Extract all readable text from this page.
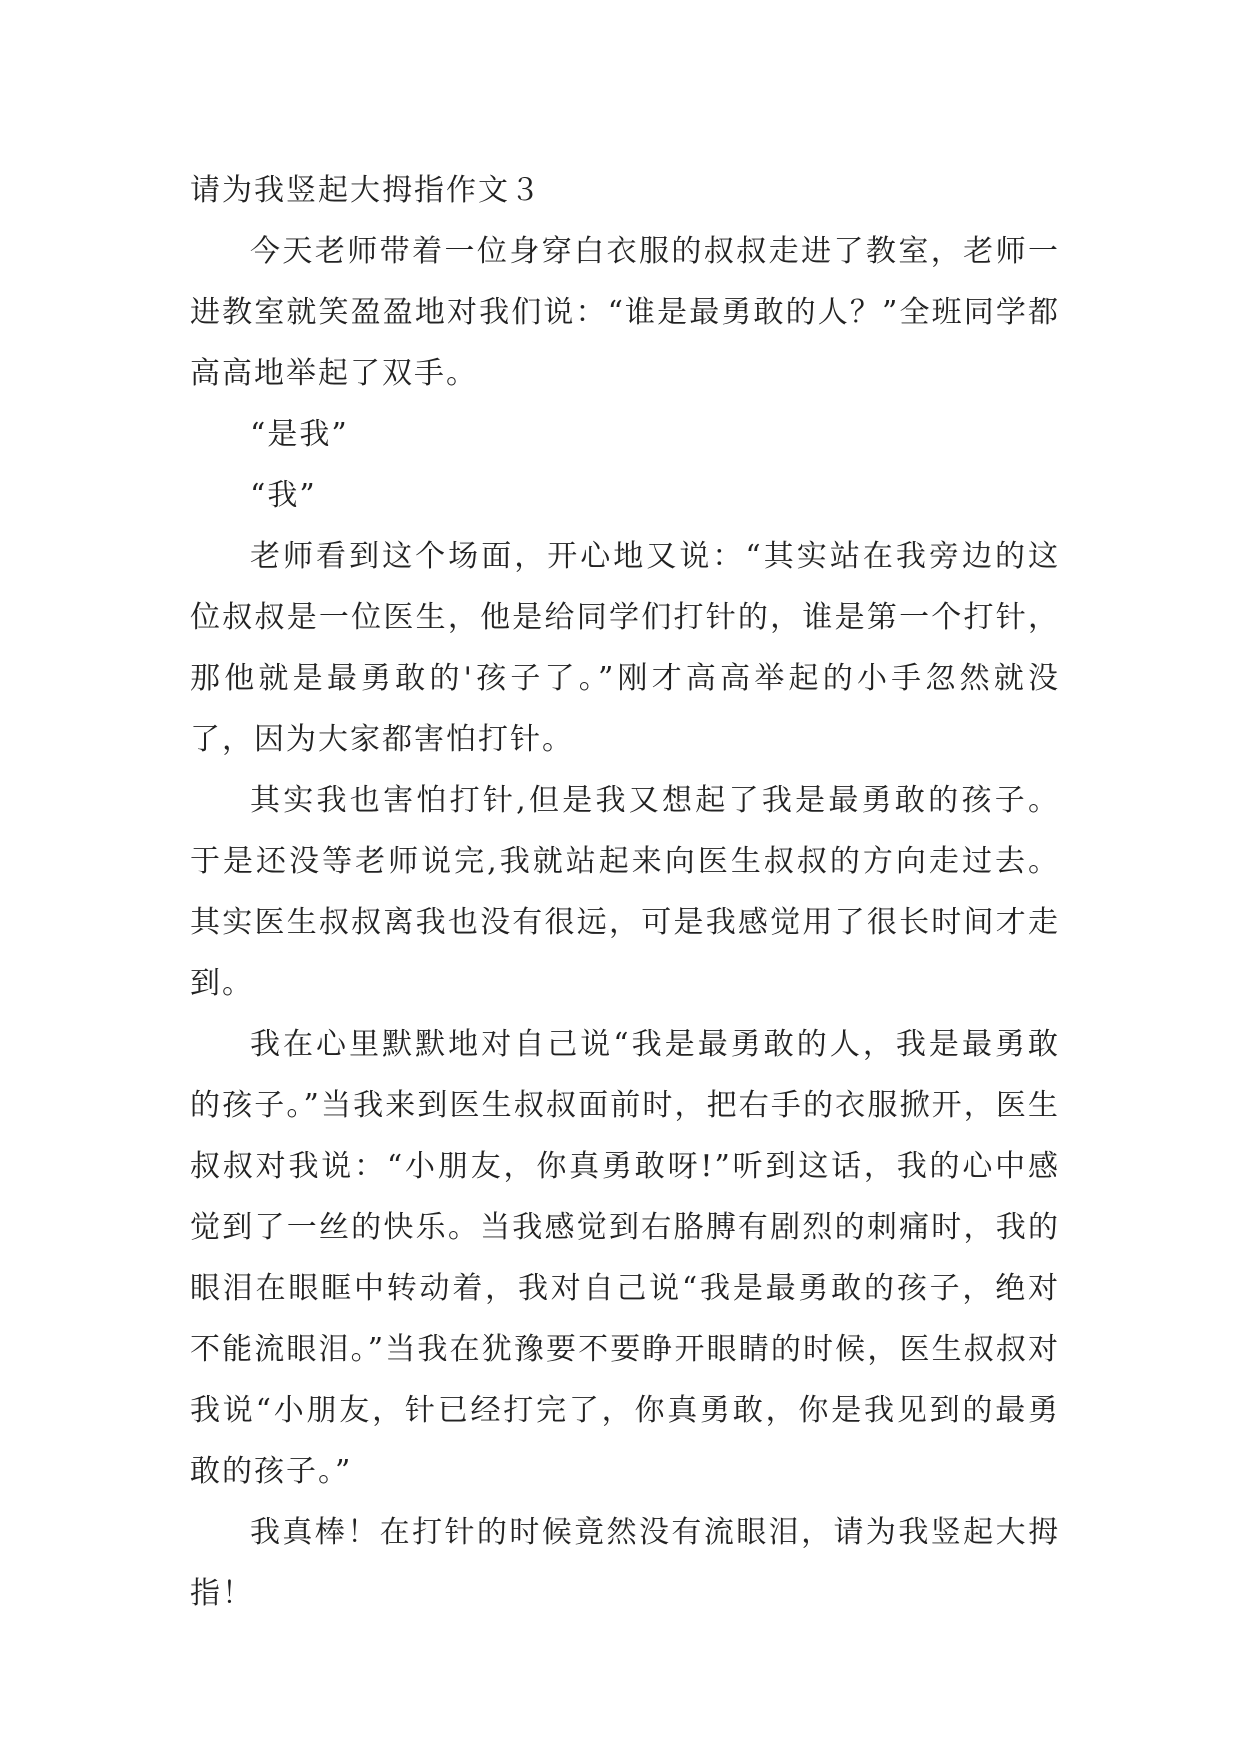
请为我竖起大拇指作文３

今天老师带着一位身穿白衣服的叔叔走进了教室，老师一进教室就笑盈盈地对我们说：“谁是最勇敢的人？”全班同学都高高地举起了双手。

“是我”

“我”

老师看到这个场面，开心地又说：“其实站在我旁边的这位叔叔是一位医生，他是给同学们打针的，谁是第一个打针，那他就是最勇敢的'孩子了。”刚才高高举起的小手忽然就没了，因为大家都害怕打针。

其实我也害怕打针,但是我又想起了我是最勇敢的孩子。于是还没等老师说完,我就站起来向医生叔叔的方向走过去。其实医生叔叔离我也没有很远，可是我感觉用了很长时间才走到。

我在心里默默地对自己说“我是最勇敢的人，我是最勇敢的孩子。”当我来到医生叔叔面前时，把右手的衣服掀开，医生叔叔对我说：“小朋友，你真勇敢呀!”听到这话，我的心中感觉到了一丝的快乐。当我感觉到右胳膊有剧烈的刺痛时，我的眼泪在眼眶中转动着，我对自己说“我是最勇敢的孩子，绝对不能流眼泪。”当我在犹豫要不要睁开眼睛的时候，医生叔叔对我说“小朋友，针已经打完了，你真勇敢，你是我见到的最勇敢的孩子。”

我真棒！在打针的时候竟然没有流眼泪，请为我竖起大拇指！
